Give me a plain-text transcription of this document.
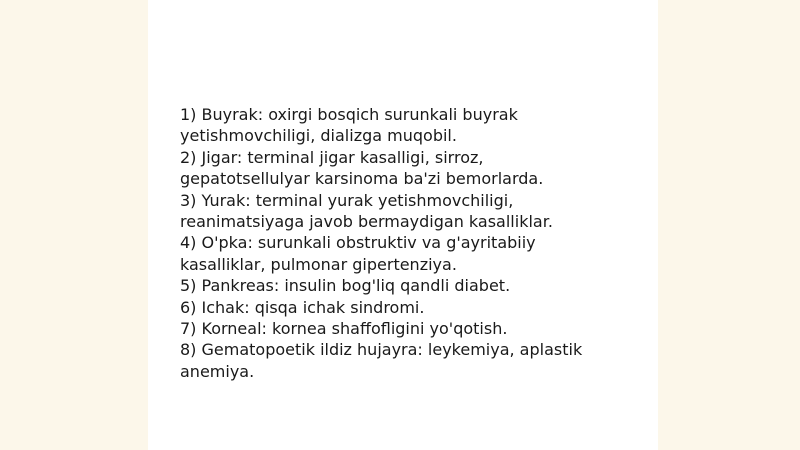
1) Buyrak: oxirgi bosqich surunkali buyrak
yetishmovchiligi, dializga muqobil.
2) Jigar: terminal jigar kasalligi, sirroz,
gepatotsellulyar karsinoma ba'zi bemorlarda.
3) Yurak: terminal yurak yetishmovchiligi,
reanimatsiyaga javob bermaydigan kasalliklar.
4) O'pka: surunkali obstruktiv va g'ayritabiiy
kasalliklar, pulmonar gipertenziya.
5) Pankreas: insulin bog'liq qandli diabet.
6) Ichak: qisqa ichak sindromi.
7) Korneal: kornea shaffofligini yo'qotish.
8) Gematopoetik ildiz hujayra: leykemiya, aplastik
anemiya.
